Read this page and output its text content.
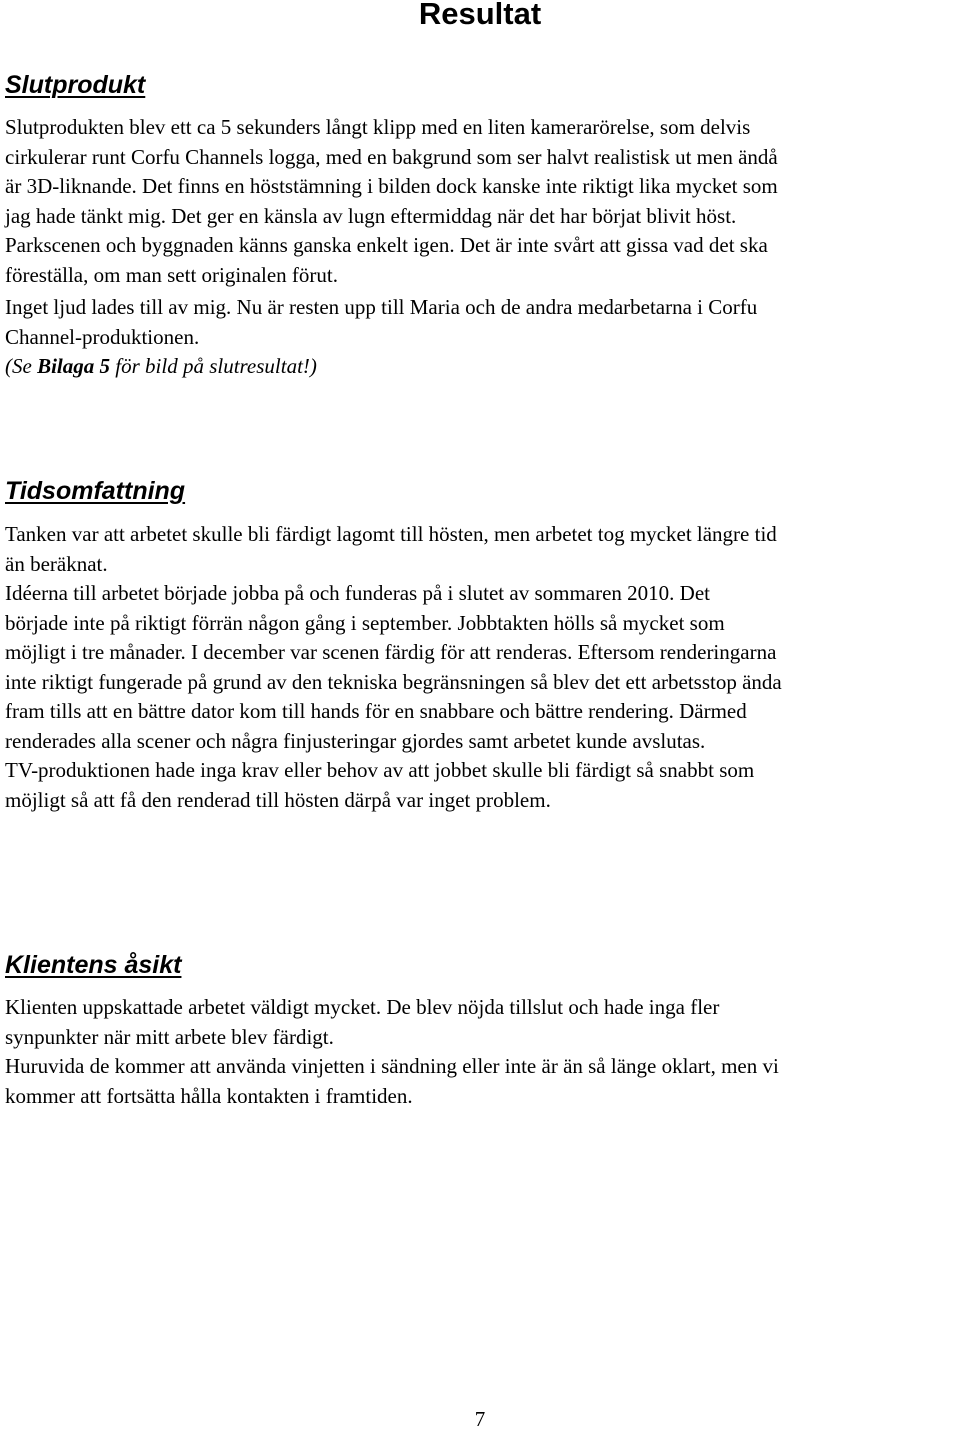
Resultat
Slutprodukt
Slutprodukten blev ett ca 5 sekunders långt klipp med en liten kamerarörelse, som delvis
cirkulerar runt Corfu Channels logga, med en bakgrund som ser halvt realistisk ut men ändå
är 3D-liknande. Det finns en höststämning i bilden dock kanske inte riktigt lika mycket som
jag hade tänkt mig. Det ger en känsla av lugn eftermiddag när det har börjat blivit höst.
Parkscenen och byggnaden känns ganska enkelt igen. Det är inte svårt att gissa vad det ska
föreställa, om man sett originalen förut.
Inget ljud lades till av mig. Nu är resten upp till Maria och de andra medarbetarna i Corfu
Channel-produktionen.
(Se Bilaga 5 för bild på slutresultat!)
Tidsomfattning
Tanken var att arbetet skulle bli färdigt lagomt till hösten, men arbetet tog mycket längre tid
än beräknat.
Idéerna till arbetet började jobba på och funderas på i slutet av sommaren 2010. Det
började inte på riktigt förrän någon gång i september. Jobbtakten hölls så mycket som
möjligt i tre månader. I december var scenen färdig för att renderas. Eftersom renderingarna
inte riktigt fungerade på grund av den tekniska begränsningen så blev det ett arbetsstop ända
fram tills att en bättre dator kom till hands för en snabbare och bättre rendering. Därmed
renderades alla scener och några finjusteringar gjordes samt arbetet kunde avslutas.
TV-produktionen hade inga krav eller behov av att jobbet skulle bli färdigt så snabbt som
möjligt så att få den renderad till hösten därpå var inget problem.
Klientens åsikt
Klienten uppskattade arbetet väldigt mycket. De blev nöjda tillslut och hade inga fler
synpunkter när mitt arbete blev färdigt.
Huruvida de kommer att använda vinjetten i sändning eller inte är än så länge oklart, men vi
kommer att fortsätta hålla kontakten i framtiden.
7
